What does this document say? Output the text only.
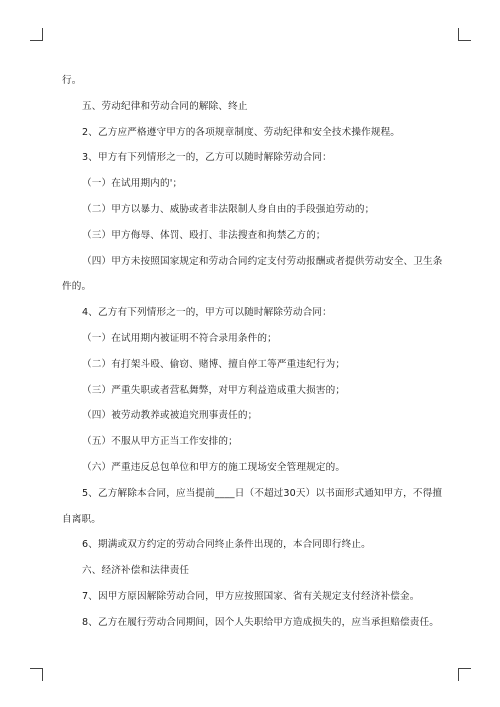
行。

五、劳动纪律和劳动合同的解除、终止

2、乙方应严格遵守甲方的各项规章制度、劳动纪律和安全技术操作规程。

3、甲方有下列情形之一的，乙方可以随时解除劳动合同：

（一）在试用期内的'；

（二）甲方以暴力、威胁或者非法限制人身自由的手段强迫劳动的；

（三）甲方侮辱、体罚、殴打、非法搜查和拘禁乙方的；

（四）甲方未按照国家规定和劳动合同约定支付劳动报酬或者提供劳动安全、卫生条件的。

4、乙方有下列情形之一的，甲方可以随时解除劳动合同：

（一）在试用期内被证明不符合录用条件的；

（二）有打架斗殴、偷窃、赌博、擅自停工等严重违纪行为；

（三）严重失职或者营私舞弊，对甲方利益造成重大损害的；

（四）被劳动教养或被追究刑事责任的；

（五）不服从甲方正当工作安排的；

（六）严重违反总包单位和甲方的施工现场安全管理规定的。

5、乙方解除本合同，应当提前____日（不超过30天）以书面形式通知甲方，不得擅自离职。

6、期满或双方约定的劳动合同终止条件出现的，本合同即行终止。

六、经济补偿和法律责任

7、因甲方原因解除劳动合同，甲方应按照国家、省有关规定支付经济补偿金。

8、乙方在履行劳动合同期间，因个人失职给甲方造成损失的，应当承担赔偿责任。
